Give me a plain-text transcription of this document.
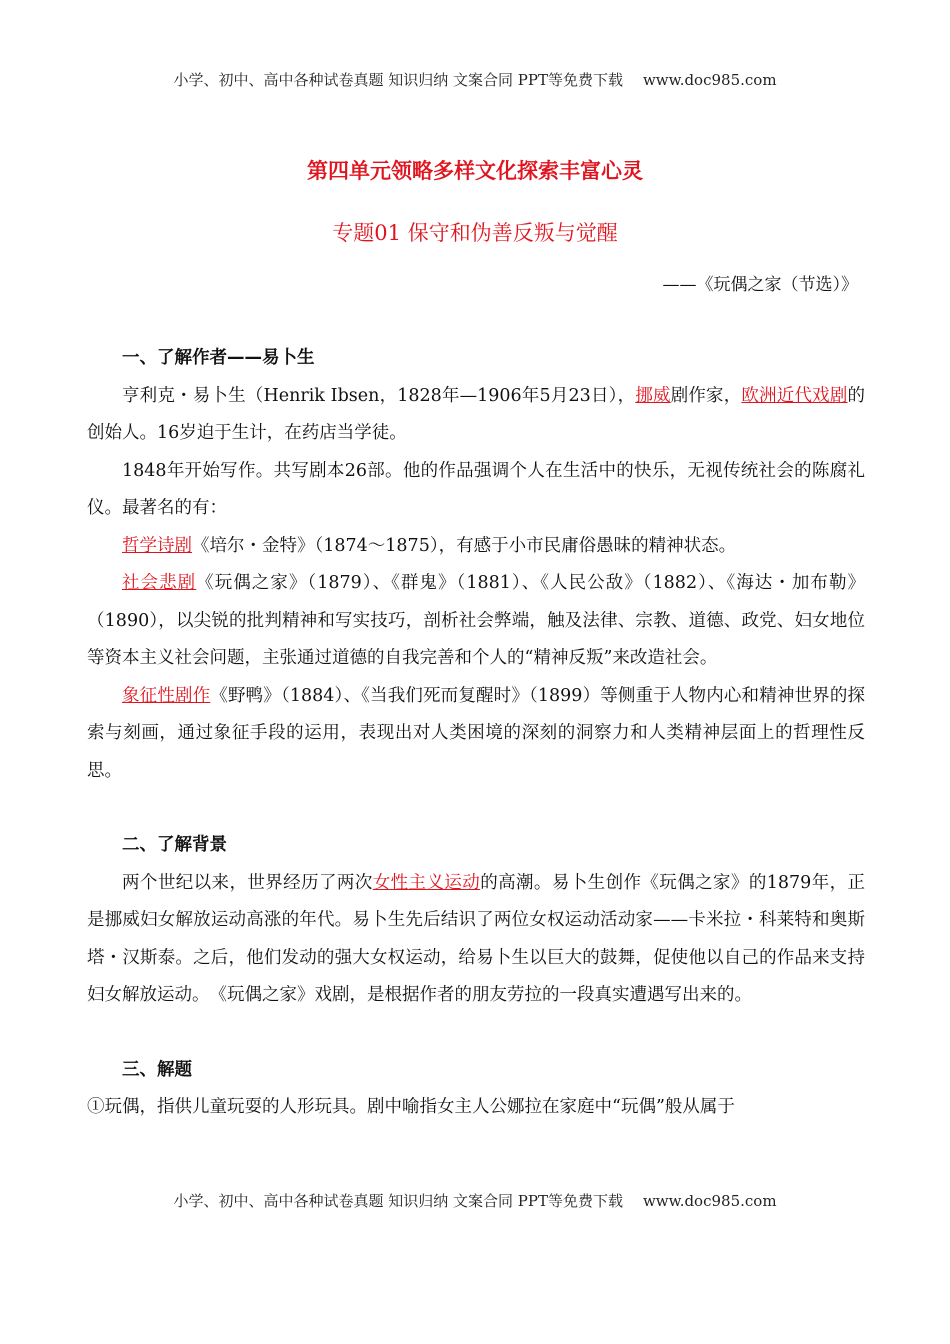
小学、初中、高中各种试卷真题 知识归纳 文案合同 PPT等免费下载 www.doc985.com
第四单元领略多样文化探索丰富心灵
专题01 保守和伪善反叛与觉醒
——《玩偶之家（节选）》
一、了解作者——易卜生

亨利克・易卜生（Henrik Ibsen，1828年—1906年5月23日），挪威剧作家，欧洲近代戏剧的创始人。16岁迫于生计，在药店当学徒。

1848年开始写作。共写剧本26部。他的作品强调个人在生活中的快乐，无视传统社会的陈腐礼仪。最著名的有：

哲学诗剧《培尔・金特》（1874～1875），有感于小市民庸俗愚昧的精神状态。

社会悲剧《玩偶之家》（1879）、《群鬼》（1881）、《人民公敌》（1882）、《海达・加布勒》（1890），以尖锐的批判精神和写实技巧，剖析社会弊端，触及法律、宗教、道德、政党、妇女地位等资本主义社会问题，主张通过道德的自我完善和个人的“精神反叛”来改造社会。

象征性剧作《野鸭》（1884）、《当我们死而复醒时》（1899）等侧重于人物内心和精神世界的探索与刻画，通过象征手段的运用，表现出对人类困境的深刻的洞察力和人类精神层面上的哲理性反思。

二、了解背景

两个世纪以来，世界经历了两次女性主义运动的高潮。易卜生创作《玩偶之家》的1879年，正是挪威妇女解放运动高涨的年代。易卜生先后结识了两位女权运动活动家——卡米拉・科莱特和奥斯塔・汉斯泰。之后，他们发动的强大女权运动，给易卜生以巨大的鼓舞，促使他以自己的作品来支持妇女解放运动。　《玩偶之家》戏剧，是根据作者的朋友劳拉的一段真实遭遇写出来的。

三、解题

①玩偶，指供儿童玩耍的人形玩具。剧中喻指女主人公娜拉在家庭中“玩偶”般从属于

小学、初中、高中各种试卷真题 知识归纳 文案合同 PPT等免费下载 www.doc985.com
